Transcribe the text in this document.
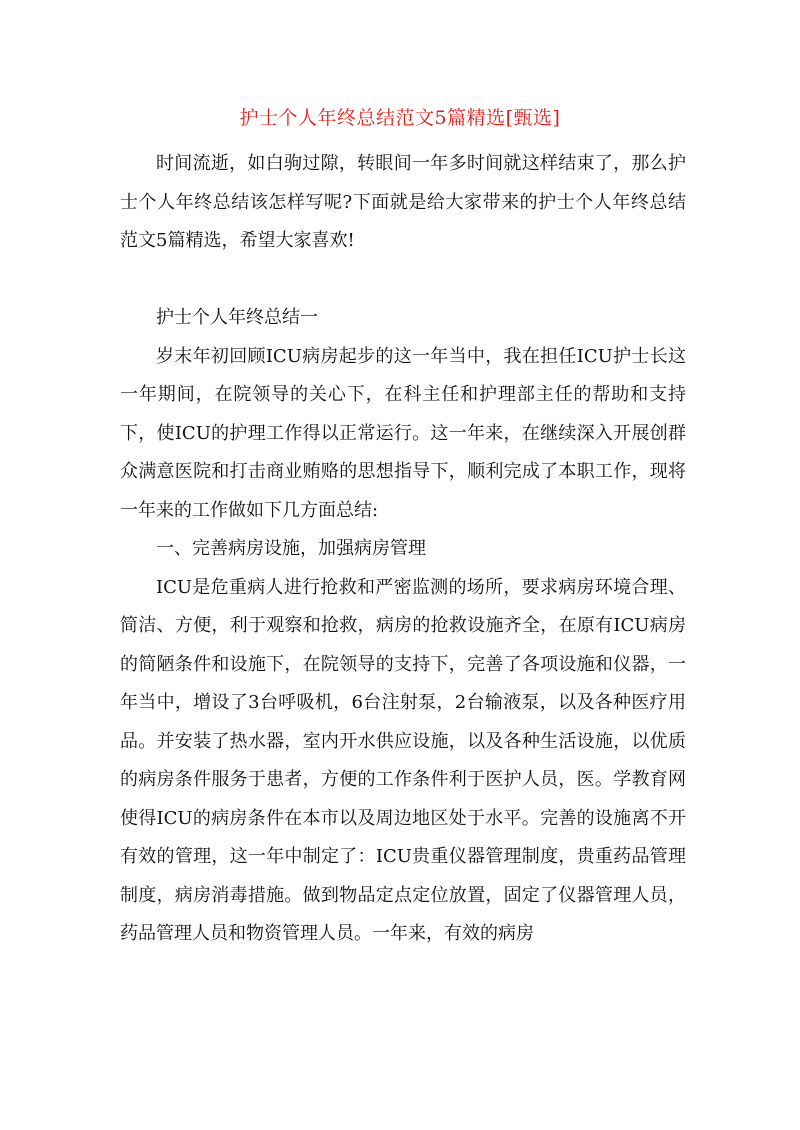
护士个人年终总结范文5篇精选[甄选]

时间流逝，如白驹过隙，转眼间一年多时间就这样结束了，那么护士个人年终总结该怎样写呢?下面就是给大家带来的护士个人年终总结范文5篇精选，希望大家喜欢!

护士个人年终总结一

岁末年初回顾ICU病房起步的这一年当中，我在担任ICU护士长这一年期间，在院领导的关心下，在科主任和护理部主任的帮助和支持下，使ICU的护理工作得以正常运行。这一年来，在继续深入开展创群众满意医院和打击商业贿赂的思想指导下，顺利完成了本职工作，现将一年来的工作做如下几方面总结:

一、完善病房设施，加强病房管理

ICU是危重病人进行抢救和严密监测的场所，要求病房环境合理、简洁、方便，利于观察和抢救，病房的抢救设施齐全，在原有ICU病房的简陋条件和设施下，在院领导的支持下，完善了各项设施和仪器，一年当中，增设了3台呼吸机，6台注射泵，2台输液泵，以及各种医疗用品。并安装了热水器，室内开水供应设施，以及各种生活设施，以优质的病房条件服务于患者，方便的工作条件利于医护人员，医。学教育网使得ICU的病房条件在本市以及周边地区处于水平。完善的设施离不开有效的管理，这一年中制定了：ICU贵重仪器管理制度，贵重药品管理制度，病房消毒措施。做到物品定点定位放置，固定了仪器管理人员，药品管理人员和物资管理人员。一年来，有效的病房
